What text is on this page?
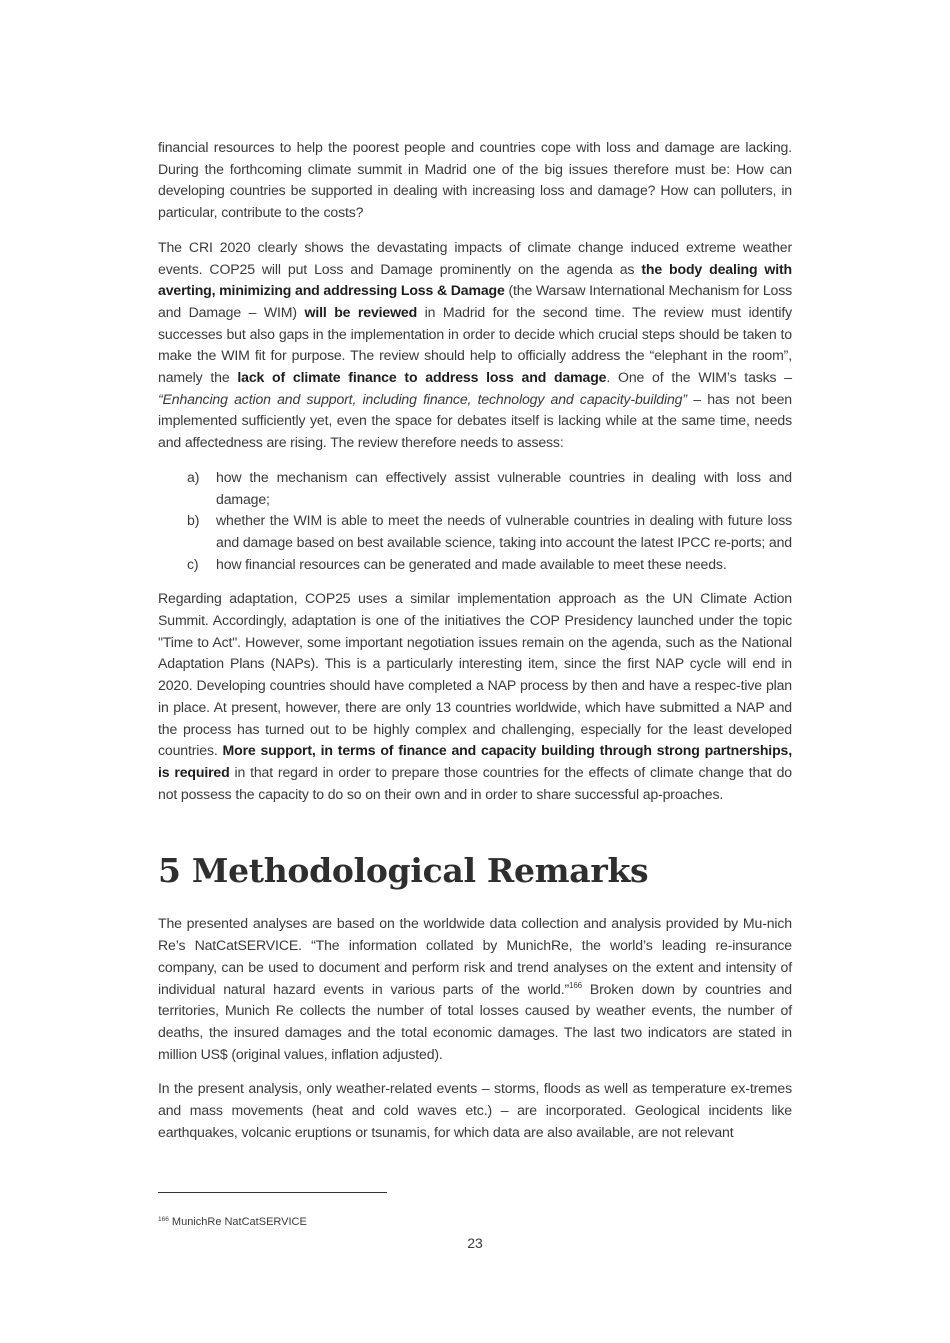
financial resources to help the poorest people and countries cope with loss and damage are lacking. During the forthcoming climate summit in Madrid one of the big issues therefore must be: How can developing countries be supported in dealing with increasing loss and damage? How can polluters, in particular, contribute to the costs?

The CRI 2020 clearly shows the devastating impacts of climate change induced extreme weather events. COP25 will put Loss and Damage prominently on the agenda as the body dealing with averting, minimizing and addressing Loss & Damage (the Warsaw International Mechanism for Loss and Damage – WIM) will be reviewed in Madrid for the second time. The review must identify successes but also gaps in the implementation in order to decide which crucial steps should be taken to make the WIM fit for purpose. The review should help to officially address the “elephant in the room”, namely the lack of climate finance to address loss and damage. One of the WIM’s tasks – “Enhancing action and support, including finance, technology and capacity-building” – has not been implemented sufficiently yet, even the space for debates itself is lacking while at the same time, needs and affectedness are rising. The review therefore needs to assess:

a) how the mechanism can effectively assist vulnerable countries in dealing with loss and damage;
b) whether the WIM is able to meet the needs of vulnerable countries in dealing with future loss and damage based on best available science, taking into account the latest IPCC re-ports; and
c) how financial resources can be generated and made available to meet these needs.

Regarding adaptation, COP25 uses a similar implementation approach as the UN Climate Action Summit. Accordingly, adaptation is one of the initiatives the COP Presidency launched under the topic "Time to Act". However, some important negotiation issues remain on the agenda, such as the National Adaptation Plans (NAPs). This is a particularly interesting item, since the first NAP cycle will end in 2020. Developing countries should have completed a NAP process by then and have a respec-tive plan in place. At present, however, there are only 13 countries worldwide, which have submitted a NAP and the process has turned out to be highly complex and challenging, especially for the least developed countries. More support, in terms of finance and capacity building through strong partnerships, is required in that regard in order to prepare those countries for the effects of climate change that do not possess the capacity to do so on their own and in order to share successful ap-proaches.

5 Methodological Remarks

The presented analyses are based on the worldwide data collection and analysis provided by Mu-nich Re’s NatCatSERVICE. “The information collated by MunichRe, the world’s leading re-insurance company, can be used to document and perform risk and trend analyses on the extent and intensity of individual natural hazard events in various parts of the world.”$^{166}$ Broken down by countries and territories, Munich Re collects the number of total losses caused by weather events, the number of deaths, the insured damages and the total economic damages. The last two indicators are stated in million US$ (original values, inflation adjusted).

In the present analysis, only weather-related events – storms, floods as well as temperature ex-tremes and mass movements (heat and cold waves etc.) – are incorporated. Geological incidents like earthquakes, volcanic eruptions or tsunamis, for which data are also available, are not relevant

$^{166}$ MunichRe NatCatSERVICE
23
